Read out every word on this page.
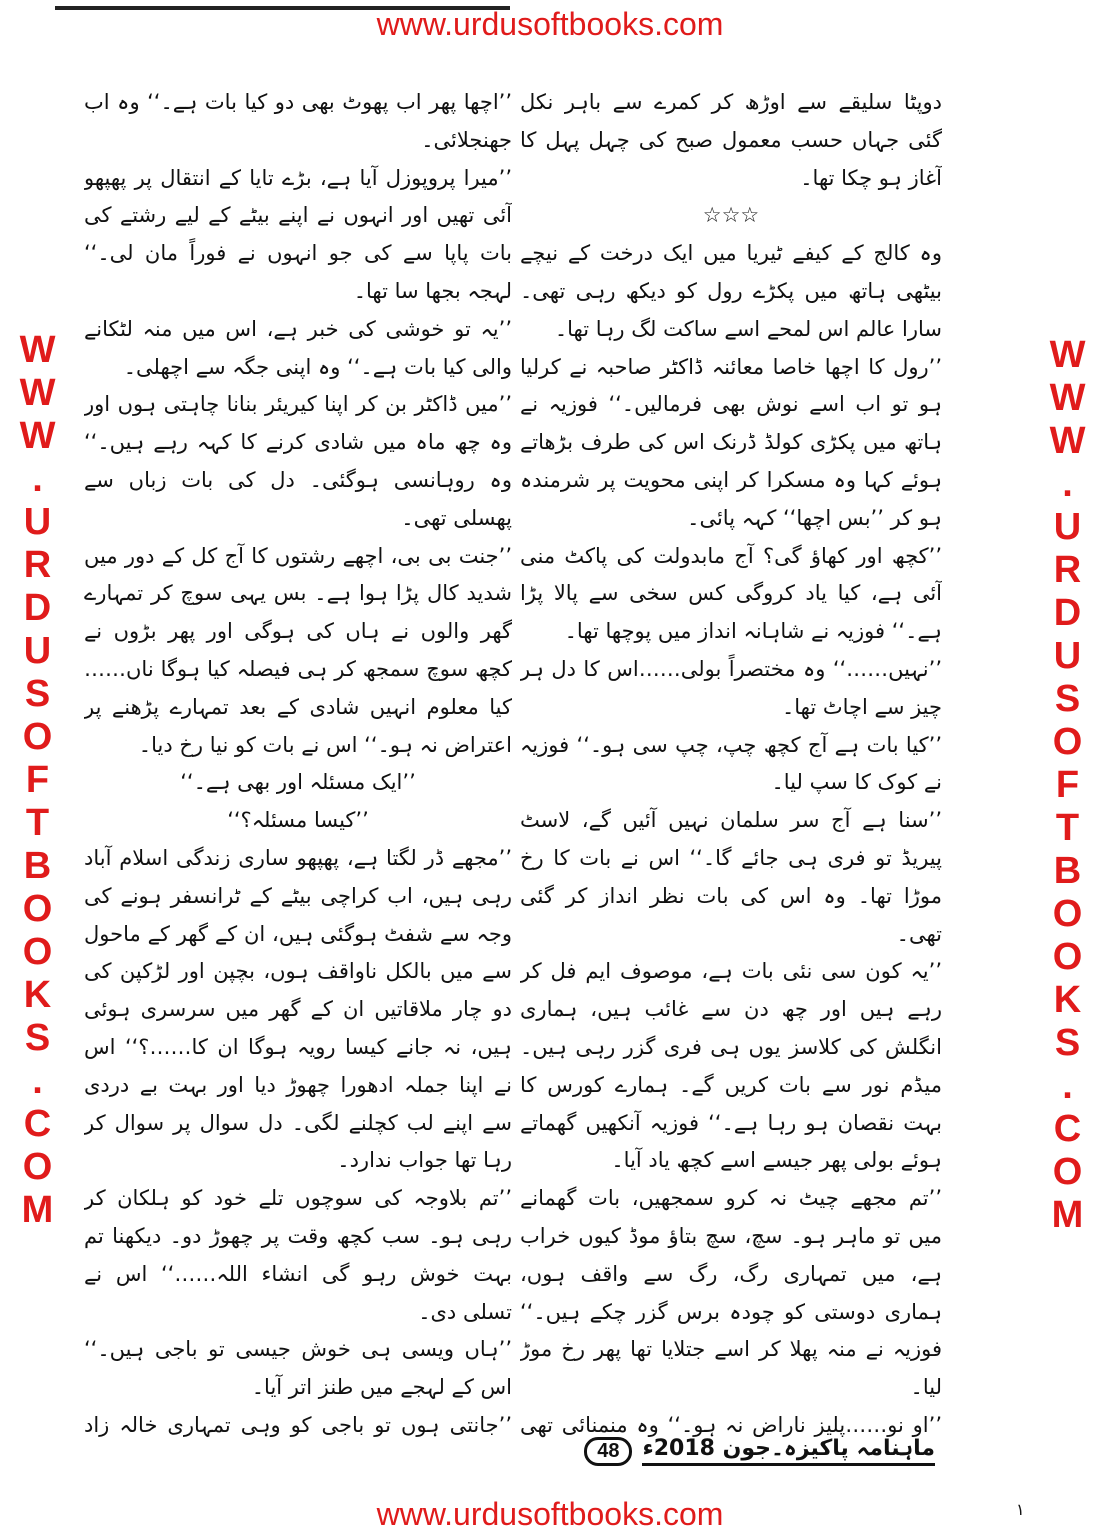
www.urdusoftbooks.com
WWW.URDUSOFTBOOKS.COM	WWW.URDUSOFTBOOKS.COM

دوپٹا سلیقے سے اوڑھ کر کمرے سے باہر نکل گئی جہاں حسب معمول صبح کی چہل پہل کا آغاز ہو چکا تھا۔

☆☆☆

وہ کالج کے کیفے ٹیریا میں ایک درخت کے نیچے بیٹھی ہاتھ میں پکڑے رول کو دیکھ رہی تھی۔ سارا عالم اس لمحے اسے ساکت لگ رہا تھا۔

’’رول کا اچھا خاصا معائنہ ڈاکٹر صاحبہ نے کرلیا ہو تو اب اسے نوش بھی فرمالیں۔‘‘ فوزیہ نے ہاتھ میں پکڑی کولڈ ڈرنک اس کی طرف بڑھاتے ہوئے کہا وہ مسکرا کر اپنی محویت پر شرمندہ ہو کر ’’بس اچھا‘‘ کہہ پائی۔

’’کچھ اور کھاؤ گی؟ آج مابدولت کی پاکٹ منی آئی ہے، کیا یاد کروگی کس سخی سے پالا پڑا ہے۔‘‘ فوزیہ نے شاہانہ انداز میں پوچھا تھا۔

’’نہیں……‘‘ وہ مختصراً بولی……اس کا دل ہر چیز سے اچاٹ تھا۔

’’کیا بات ہے آج کچھ چپ، چپ سی ہو۔‘‘ فوزیہ نے کوک کا سپ لیا۔

’’سنا ہے آج سر سلمان نہیں آئیں گے، لاسٹ پیریڈ تو فری ہی جائے گا۔‘‘ اس نے بات کا رخ موڑا تھا۔ وہ اس کی بات نظر انداز کر گئی تھی۔

’’یہ کون سی نئی بات ہے، موصوف ایم فل کر رہے ہیں اور چھ دن سے غائب ہیں، ہماری انگلش کی کلاسز یوں ہی فری گزر رہی ہیں۔ میڈم نور سے بات کریں گے۔ ہمارے کورس کا بہت نقصان ہو رہا ہے۔‘‘ فوزیہ آنکھیں گھماتے ہوئے بولی پھر جیسے اسے کچھ یاد آیا۔

’’تم مجھے چیٹ نہ کرو سمجھیں، بات گھمانے میں تو ماہر ہو۔ سچ، سچ بتاؤ موڈ کیوں خراب ہے، میں تمہاری رگ، رگ سے واقف ہوں، ہماری دوستی کو چودہ برس گزر چکے ہیں۔‘‘ فوزیہ نے منہ پھلا کر اسے جتلایا تھا پھر رخ موڑ لیا۔

’’او نو……پلیز ناراض نہ ہو۔‘‘ وہ منمنائی تھی

’’اچھا پھر اب پھوٹ بھی دو کیا بات ہے۔‘‘ وہ اب جھنجلائی۔

’’میرا پروپوزل آیا ہے، بڑے تایا کے انتقال پر پھپھو آئی تھیں اور انہوں نے اپنے بیٹے کے لیے رشتے کی بات پاپا سے کی جو انہوں نے فوراً مان لی۔‘‘ لہجہ بجھا سا تھا۔

’’یہ تو خوشی کی خبر ہے، اس میں منہ لٹکانے والی کیا بات ہے۔‘‘ وہ اپنی جگہ سے اچھلی۔

’’میں ڈاکٹر بن کر اپنا کیریئر بنانا چاہتی ہوں اور وہ چھ ماہ میں شادی کرنے کا کہہ رہے ہیں۔‘‘ وہ روہانسی ہوگئی۔ دل کی بات زباں سے پھسلی تھی۔

’’جنت بی بی، اچھے رشتوں کا آج کل کے دور میں شدید کال پڑا ہوا ہے۔ بس یہی سوچ کر تمہارے گھر والوں نے ہاں کی ہوگی اور پھر بڑوں نے کچھ سوچ سمجھ کر ہی فیصلہ کیا ہوگا ناں……کیا معلوم انہیں شادی کے بعد تمہارے پڑھنے پر اعتراض نہ ہو۔‘‘ اس نے بات کو نیا رخ دیا۔

’’ایک مسئلہ اور بھی ہے۔‘‘

’’کیسا مسئلہ؟‘‘

’’مجھے ڈر لگتا ہے، پھپھو ساری زندگی اسلام آباد رہی ہیں، اب کراچی بیٹے کے ٹرانسفر ہونے کی وجہ سے شفٹ ہوگئی ہیں، ان کے گھر کے ماحول سے میں بالکل ناواقف ہوں، بچپن اور لڑکپن کی دو چار ملاقاتیں ان کے گھر میں سرسری ہوئی ہیں، نہ جانے کیسا رویہ ہوگا ان کا……؟‘‘ اس نے اپنا جملہ ادھورا چھوڑ دیا اور بہت بے دردی سے اپنے لب کچلنے لگی۔ دل سوال پر سوال کر رہا تھا جواب ندارد۔

’’تم بلاوجہ کی سوچوں تلے خود کو ہلکان کر رہی ہو۔ سب کچھ وقت پر چھوڑ دو۔ دیکھنا تم بہت خوش رہو گی انشاء اللہ……‘‘ اس نے تسلی دی۔

’’ہاں ویسی ہی خوش جیسی تو باجی ہیں۔‘‘ اس کے لہجے میں طنز اتر آیا۔

’’جانتی ہوں تو باجی کو وہی تمہاری خالہ زاد

ماہنامہ پاکیزہ۔جون 2018ء
48
www.urdusoftbooks.com	۱
